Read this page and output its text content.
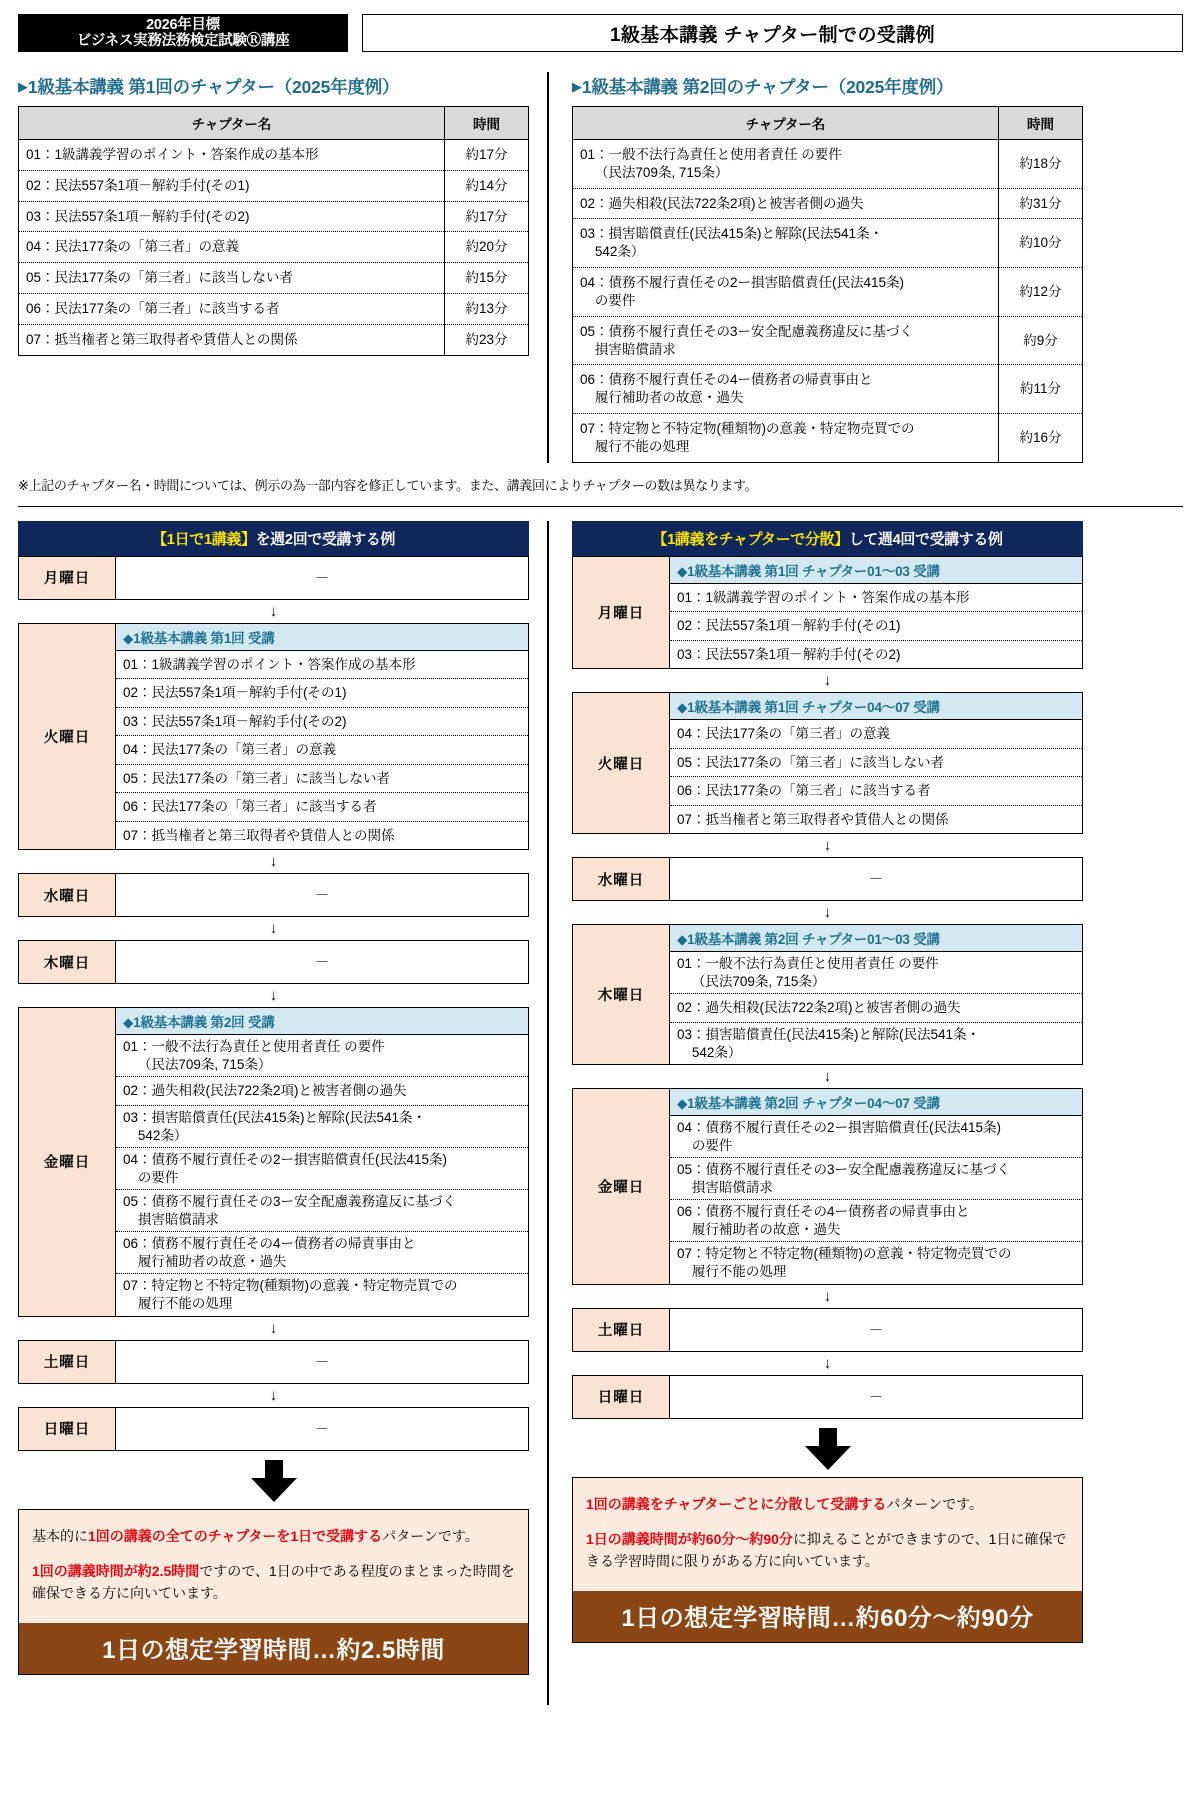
2026年目標
ビジネス実務法務検定試験Ⓡ講座	1級基本講義 チャプター制での受講例
▶1級基本講義 第1回のチャプター（2025年度例）
チャプター名	時間
01：1級講義学習のポイント・答案作成の基本形	約17分
02：民法557条1項－解約手付(その1)	約14分
03：民法557条1項－解約手付(その2)	約17分
04：民法177条の「第三者」の意義	約20分
05：民法177条の「第三者」に該当しない者	約15分
06：民法177条の「第三者」に該当する者	約13分
07：抵当権者と第三取得者や賃借人との関係	約23分
▶1級基本講義 第2回のチャプター（2025年度例）
チャプター名	時間
01：一般不法行為責任と使用者責任 の要件
（民法709条, 715条）	約18分
02：過失相殺(民法722条2項)と被害者側の過失	約31分
03：損害賠償責任(民法415条)と解除(民法541条・
542条）	約10分
04：債務不履行責任その2ー損害賠償責任(民法415条)
の要件	約12分
05：債務不履行責任その3ー安全配慮義務違反に基づく
損害賠償請求	約9分
06：債務不履行責任その4ー債務者の帰責事由と
履行補助者の故意・過失	約11分
07：特定物と不特定物(種類物)の意義・特定物売買での
履行不能の処理	約16分
※上記のチャプター名・時間については、例示の為一部内容を修正しています。また、講義回によりチャプターの数は異なります。
【1日で1講義】を週2回で受講する例
月曜日	－
↓
火曜日
◆1級基本講義 第1回 受講
01：1級講義学習のポイント・答案作成の基本形
02：民法557条1項－解約手付(その1)
03：民法557条1項－解約手付(その2)
04：民法177条の「第三者」の意義
05：民法177条の「第三者」に該当しない者
06：民法177条の「第三者」に該当する者
07：抵当権者と第三取得者や賃借人との関係
↓
水曜日	－
↓
木曜日	－
↓
金曜日
◆1級基本講義 第2回 受講
01：一般不法行為責任と使用者責任 の要件
（民法709条, 715条）
02：過失相殺(民法722条2項)と被害者側の過失
03：損害賠償責任(民法415条)と解除(民法541条・
542条）
04：債務不履行責任その2ー損害賠償責任(民法415条)
の要件
05：債務不履行責任その3ー安全配慮義務違反に基づく
損害賠償請求
06：債務不履行責任その4ー債務者の帰責事由と
履行補助者の故意・過失
07：特定物と不特定物(種類物)の意義・特定物売買での
履行不能の処理
↓
土曜日	－
↓
日曜日	－

基本的に1回の講義の全てのチャプターを1日で受講するパターンです。

1回の講義時間が約2.5時間ですので、1日の中である程度のまとまった時間を確保できる方に向いています。

1日の想定学習時間…約2.5時間
【1講義をチャプターで分散】して週4回で受講する例
月曜日
◆1級基本講義 第1回 チャプター01～03 受講
01：1級講義学習のポイント・答案作成の基本形
02：民法557条1項－解約手付(その1)
03：民法557条1項－解約手付(その2)
↓
火曜日
◆1級基本講義 第1回 チャプター04～07 受講
04：民法177条の「第三者」の意義
05：民法177条の「第三者」に該当しない者
06：民法177条の「第三者」に該当する者
07：抵当権者と第三取得者や賃借人との関係
↓
水曜日	－
↓
木曜日
◆1級基本講義 第2回 チャプター01～03 受講
01：一般不法行為責任と使用者責任 の要件
（民法709条, 715条）
02：過失相殺(民法722条2項)と被害者側の過失
03：損害賠償責任(民法415条)と解除(民法541条・
542条）
↓
金曜日
◆1級基本講義 第2回 チャプター04～07 受講
04：債務不履行責任その2ー損害賠償責任(民法415条)
の要件
05：債務不履行責任その3ー安全配慮義務違反に基づく
損害賠償請求
06：債務不履行責任その4ー債務者の帰責事由と
履行補助者の故意・過失
07：特定物と不特定物(種類物)の意義・特定物売買での
履行不能の処理
↓
土曜日	－
↓
日曜日	－

1回の講義をチャプターごとに分散して受講するパターンです。

1日の講義時間が約60分～約90分に抑えることができますので、1日に確保できる学習時間に限りがある方に向いています。

1日の想定学習時間…約60分～約90分
